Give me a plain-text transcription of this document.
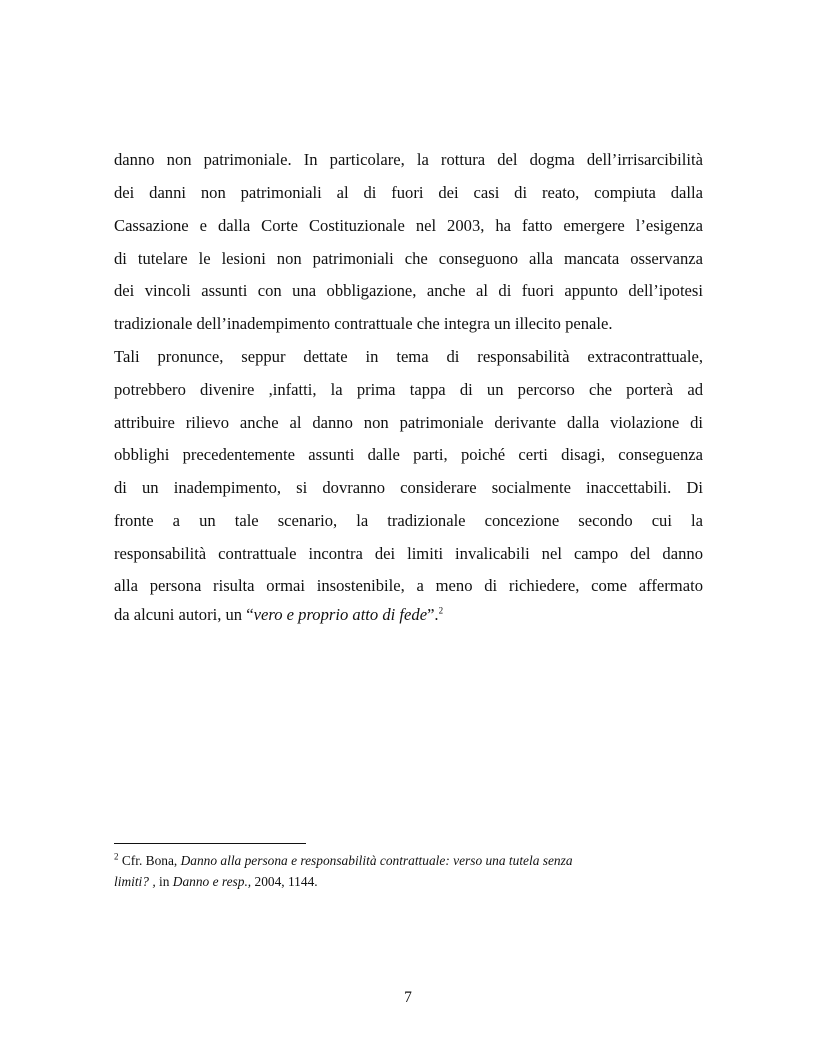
danno non patrimoniale. In particolare, la rottura del dogma dell’irrisarcibilità
dei danni non patrimoniali al di fuori dei casi di reato, compiuta dalla
Cassazione e dalla Corte Costituzionale nel 2003, ha fatto emergere l’esigenza
di tutelare le lesioni non patrimoniali che conseguono alla mancata osservanza
dei vincoli assunti con una obbligazione, anche al di fuori appunto dell’ipotesi
tradizionale dell’inadempimento contrattuale che integra un illecito penale.
Tali pronunce, seppur dettate in tema di responsabilità extracontrattuale,
potrebbero divenire ,infatti, la prima tappa di un percorso che porterà ad
attribuire rilievo anche al danno non patrimoniale derivante dalla violazione di
obblighi precedentemente assunti dalle parti, poiché certi disagi, conseguenza
di un inadempimento, si dovranno considerare socialmente inaccettabili. Di
fronte a un tale scenario, la tradizionale concezione secondo cui la
responsabilità contrattuale incontra dei limiti invalicabili nel campo del danno
alla persona risulta ormai insostenibile, a meno di richiedere, come affermato
da alcuni autori, un “vero e proprio atto di fede”.$^2$
$^2$ Cfr. Bona, Danno alla persona e responsabilità contrattuale: verso una tutela senza
limiti? , in Danno e resp., 2004, 1144.
7
